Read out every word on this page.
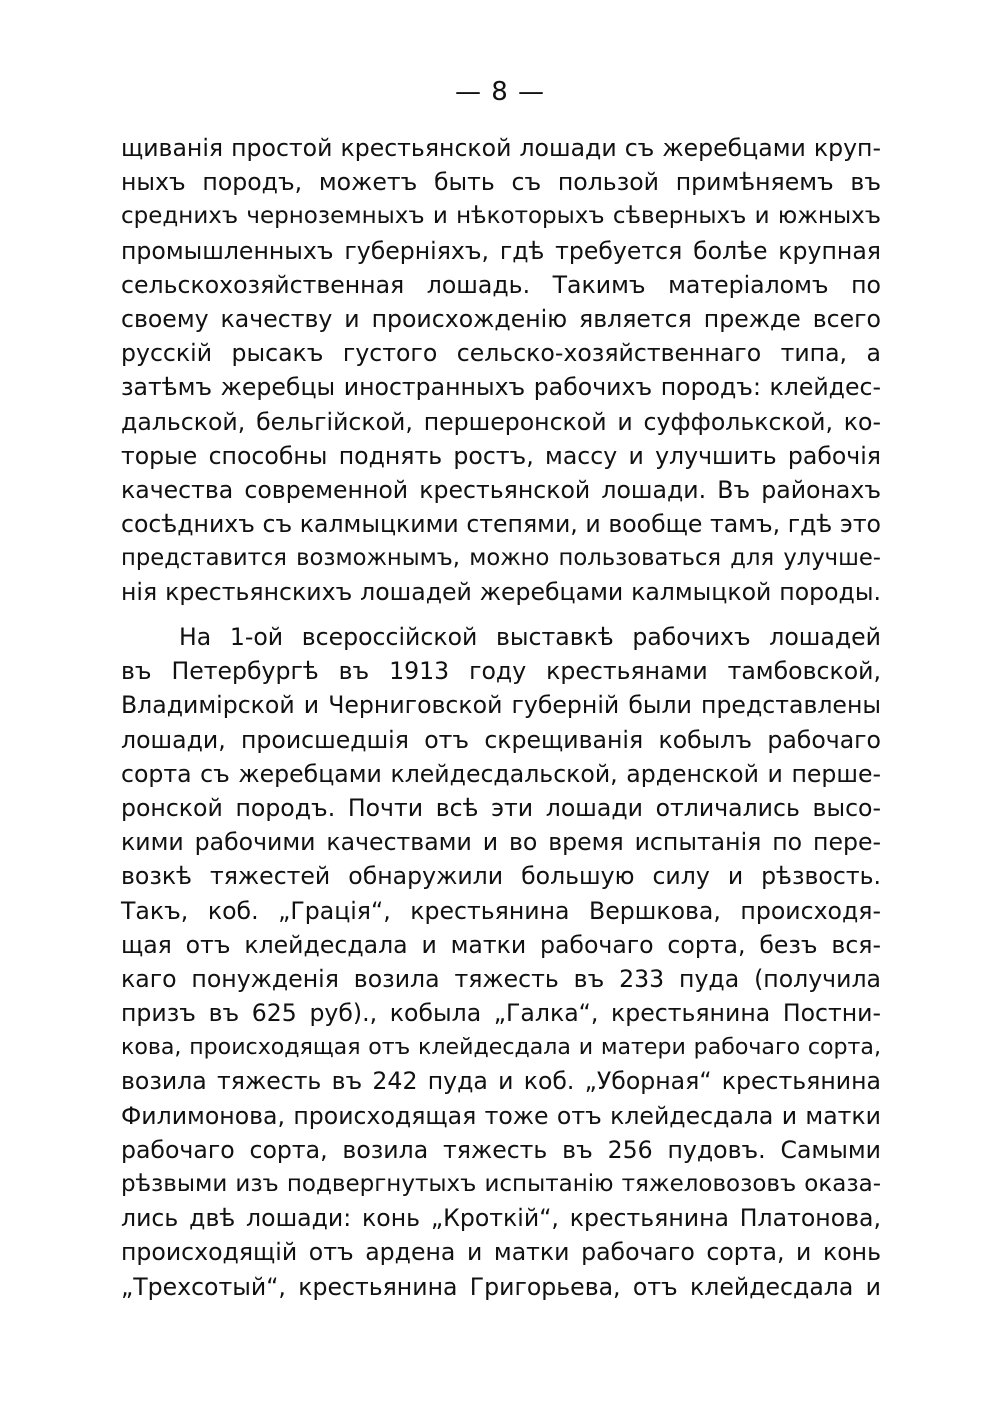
— 8 —
щиванія простой крестьянской лошади съ жеребцами круп-
ныхъ породъ, можетъ быть съ пользой примѣняемъ въ
среднихъ черноземныхъ и нѣкоторыхъ сѣверныхъ и южныхъ
промышленныхъ губерніяхъ, гдѣ требуется болѣе крупная
сельскохозяйственная лошадь. Такимъ матеріаломъ по
своему качеству и происхожденію является прежде всего
русскій рысакъ густого сельско-хозяйственнаго типа, а
затѣмъ жеребцы иностранныхъ рабочихъ породъ: клейдес-
дальской, бельгійской, першеронской и суффолькской, ко-
торые способны поднять ростъ, массу и улучшить рабочія
качества современной крестьянской лошади. Въ районахъ
сосѣднихъ съ калмыцкими степями, и вообще тамъ, гдѣ это
представится возможнымъ, можно пользоваться для улучше-
нія крестьянскихъ лошадей жеребцами калмыцкой породы.
На 1-ой всероссійской выставкѣ рабочихъ лошадей
въ Петербургѣ въ 1913 году крестьянами тамбовской,
Владимірской и Черниговской губерній были представлены
лошади, происшедшія отъ скрещиванія кобылъ рабочаго
сорта съ жеребцами клейдесдальской, арденской и перше-
ронской породъ. Почти всѣ эти лошади отличались высо-
кими рабочими качествами и во время испытанія по пере-
возкѣ тяжестей обнаружили большую силу и рѣзвость.
Такъ, коб. „Грація“, крестьянина Вершкова, происходя-
щая отъ клейдесдала и матки рабочаго сорта, безъ вся-
каго понужденія возила тяжесть въ 233 пуда (получила
призъ въ 625 руб)., кобыла „Галка“, крестьянина Постни-
кова, происходящая отъ клейдесдала и матери рабочаго сорта,
возила тяжесть въ 242 пуда и коб. „Уборная“ крестьянина
Филимонова, происходящая тоже отъ клейдесдала и матки
рабочаго сорта, возила тяжесть въ 256 пудовъ. Самыми
рѣзвыми изъ подвергнутыхъ испытанію тяжеловозовъ оказа-
лись двѣ лошади: конь „Кроткій“, крестьянина Платонова,
происходящій отъ ардена и матки рабочаго сорта, и конь
„Трехсотый“, крестьянина Григорьева, отъ клейдесдала и
